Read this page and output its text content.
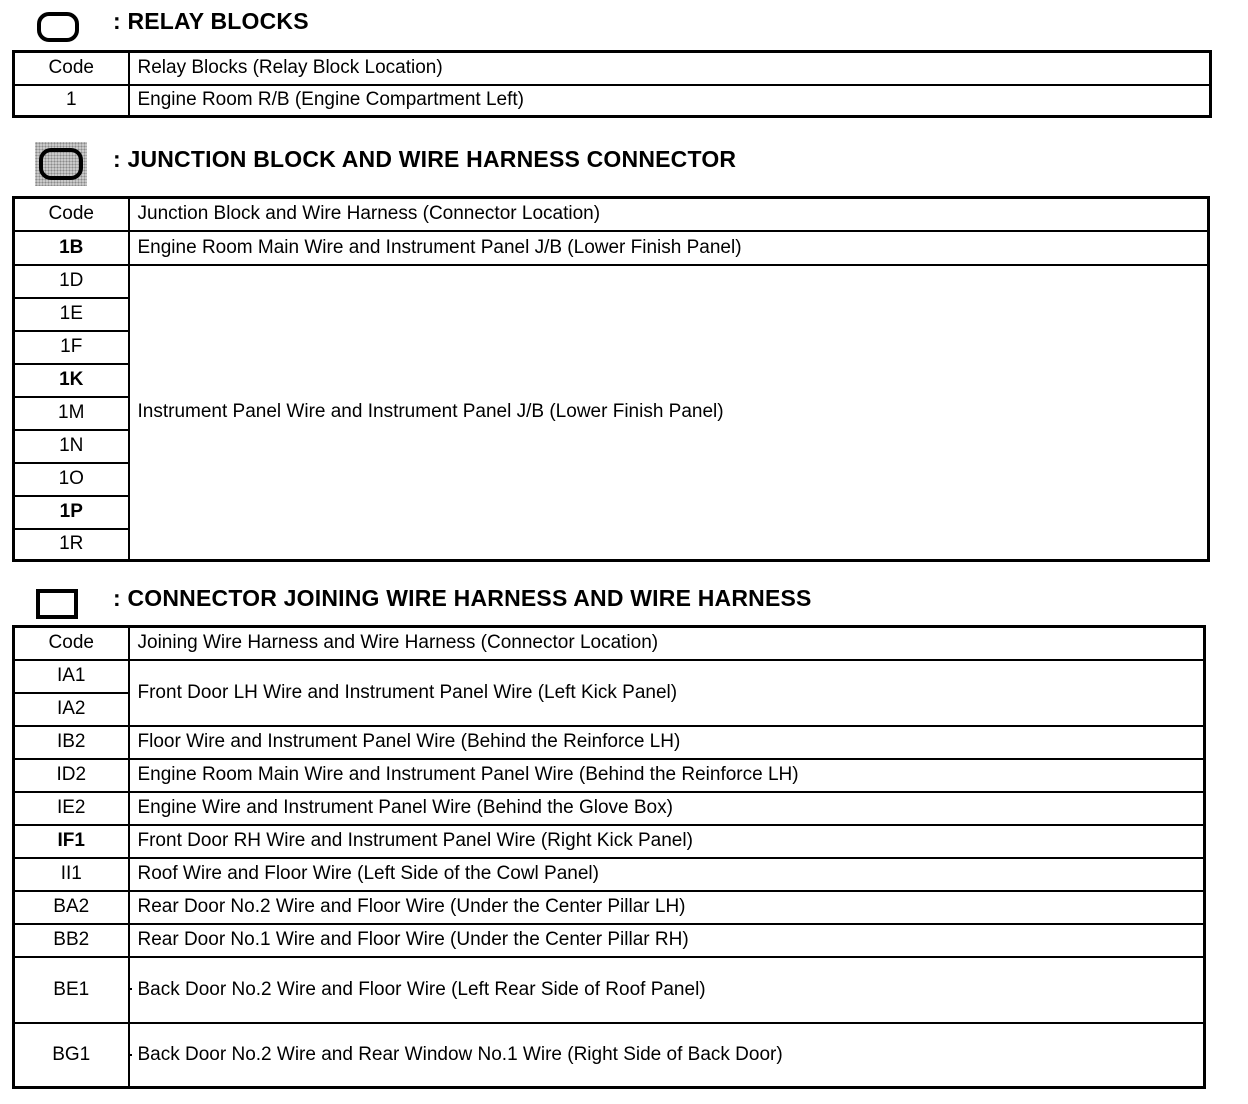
: RELAY BLOCKS
Code	Relay Blocks (Relay Block Location)
1	Engine Room R/B (Engine Compartment Left)
: JUNCTION BLOCK AND WIRE HARNESS CONNECTOR
Code	Junction Block and Wire Harness (Connector Location)
1B	Engine Room Main Wire and Instrument Panel J/B (Lower Finish Panel)
1D	Instrument Panel Wire and Instrument Panel J/B (Lower Finish Panel)
1E	
1F	
1K	
1M	
1N	
1O	
1P	
1R	
: CONNECTOR JOINING WIRE HARNESS AND WIRE HARNESS
Code	Joining Wire Harness and Wire Harness (Connector Location)
IA1	Front Door LH Wire and Instrument Panel Wire (Left Kick Panel)
IA2	
IB2	Floor Wire and Instrument Panel Wire (Behind the Reinforce LH)
ID2	Engine Room Main Wire and Instrument Panel Wire (Behind the Reinforce LH)
IE2	Engine Wire and Instrument Panel Wire (Behind the Glove Box)
IF1	Front Door RH Wire and Instrument Panel Wire (Right Kick Panel)
II1	Roof Wire and Floor Wire (Left Side of the Cowl Panel)
BA2	Rear Door No.2 Wire and Floor Wire (Under the Center Pillar LH)
BB2	Rear Door No.1 Wire and Floor Wire (Under the Center Pillar RH)
BE1	Back Door No.2 Wire and Floor Wire (Left Rear Side of Roof Panel)
BG1	Back Door No.2 Wire and Rear Window No.1 Wire (Right Side of Back Door)
